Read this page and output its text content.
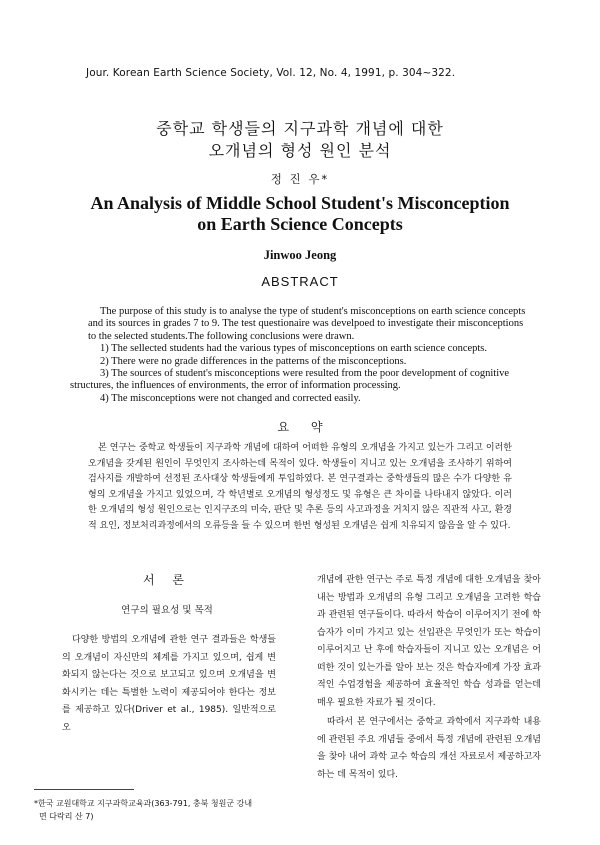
Jour. Korean Earth Science Society, Vol. 12, No. 4, 1991, p. 304~322.
중학교 학생들의 지구과학 개념에 대한
오개념의 형성 원인 분석
정 진 우*
An Analysis of Middle School Student's Misconception
on Earth Science Concepts
Jinwoo Jeong
ABSTRACT

The purpose of this study is to analyse the type of student's misconceptions on earth science concepts and its sources in grades 7 to 9. The test questionaire was develpoed to investigate their misconceptions to the selected students.The following conclusions were drawn.

1) The sellected students had the various types of misconceptions on earth science concepts.

2) There were no grade differences in the patterns of the misconceptions.

3) The sources of student's misconceptions were resulted from the poor development of cognitive

structures, the influences of environments, the error of information processing.

4) The misconceptions were not changed and corrected easily.

요 약

본 연구는 중학교 학생들이 지구과학 개념에 대하여 어떠한 유형의 오개념을 가지고 있는가 그리고 이러한 오개념을 갖게된 원인이 무엇인지 조사하는데 목적이 있다. 학생들이 지니고 있는 오개념을 조사하기 위하여 검사지를 개발하여 선정된 조사대상 학생들에게 투입하였다. 본 연구결과는 중학생들의 많은 수가 다양한 유형의 오개념을 가지고 있었으며, 각 학년별로 오개념의 형성정도 및 유형은 큰 차이를 나타내지 않았다. 이러한 오개념의 형성 원인으로는 인지구조의 미숙, 판단 및 추론 등의 사고과정을 거치지 않은 직관적 사고, 환경적 요인, 정보처리과정에서의 오류등을 들 수 있으며 한번 형성된 오개념은 쉽게 치유되지 않음을 알 수 있다.

서 론
연구의 필요성 및 목적

다양한 방법의 오개념에 관한 연구 결과들은 학생들의 오개념이 자신만의 체계를 가지고 있으며, 쉽게 변화되지 않는다는 것으로 보고되고 있으며 오개념을 변화시키는 데는 특별한 노력이 제공되어야 한다는 정보를 제공하고 있다(Driver et al., 1985). 일반적으로 오

개념에 관한 연구는 주로 특정 개념에 대한 오개념을 찾아내는 방법과 오개념의 유형 그리고 오개념을 고려한 학습과 관련된 연구들이다. 따라서 학습이 이루어지기 전에 학습자가 이미 가지고 있는 선입관은 무엇인가 또는 학습이 이루어지고 난 후에 학습자들이 지니고 있는 오개념은 어떠한 것이 있는가를 알아 보는 것은 학습자에게 가장 효과적인 수업경험을 제공하여 효율적인 학습 성과를 얻는데 매우 필요한 자료가 될 것이다.

따라서 본 연구에서는 중학교 과학에서 지구과학 내용에 관련된 주요 개념들 중에서 특정 개념에 관련된 오개념을 찾아 내어 과학 교수 학습의 개선 자료로서 제공하고자 하는 데 목적이 있다.

*한국 교원대학교 지구과학교육과(363-791, 충북 청원군 강내
면 다락리 산 7)
